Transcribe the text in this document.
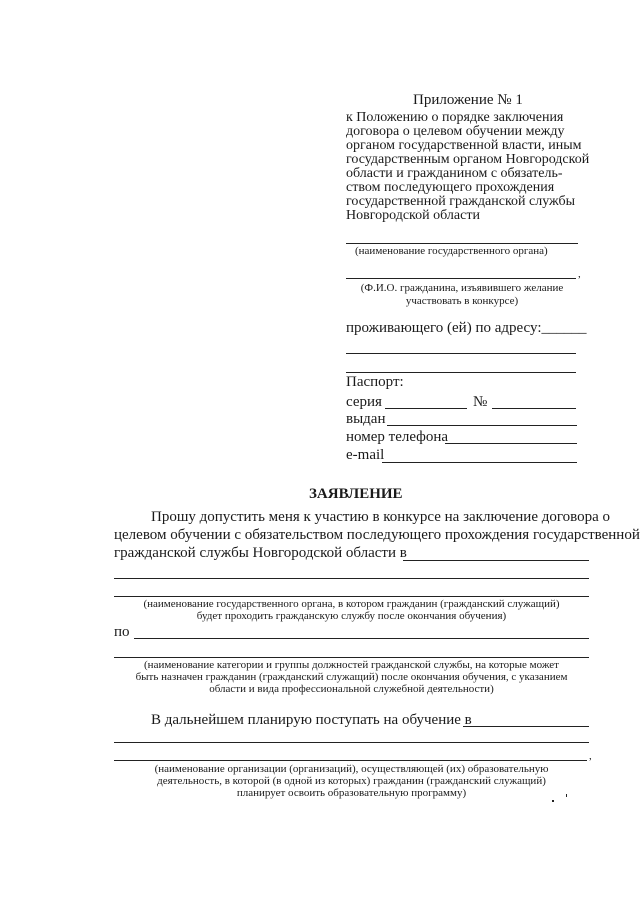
Приложение № 1
к Положению о порядке заключения
договора о целевом обучении между
органом государственной власти, иным
государственным органом Новгородской
области и гражданином с обязатель-
ством последующего прохождения
государственной гражданской службы
Новгородской области
(наименование государственного органа)
,
(Ф.И.О. гражданина, изъявившего желание
участвовать в конкурсе)
проживающего (ей) по адресу:______
Паспорт:
серия	№
выдан
номер телефона
e-mail
ЗАЯВЛЕНИЕ
Прошу допустить меня к участию в конкурсе на заключение договора о
целевом обучении с обязательством последующего прохождения государственной
гражданской службы Новгородской области в
(наименование государственного органа, в котором гражданин (гражданский служащий)
будет проходить гражданскую службу после окончания обучения)
по
(наименование категории и группы должностей гражданской службы, на которые может
быть назначен гражданин (гражданский служащий) после окончания обучения, с указанием
области и вида профессиональной служебной деятельности)
В дальнейшем планирую поступать на обучение в
,
(наименование организации (организаций), осуществляющей (их) образовательную
деятельность, в которой (в одной из которых) гражданин (гражданский служащий)
планирует освоить образовательную программу)
